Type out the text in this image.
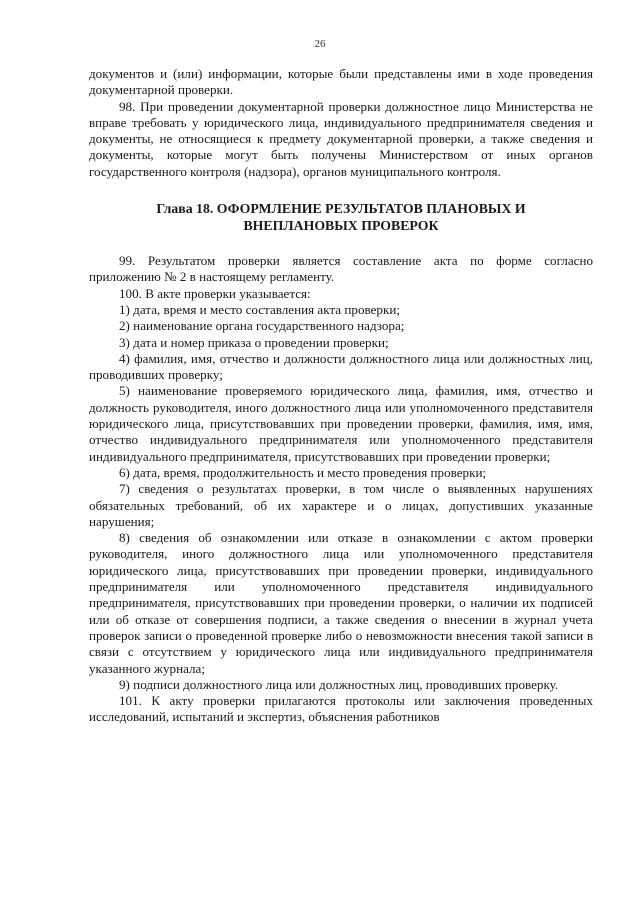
26

документов и (или) информации, которые были представлены ими в ходе проведения документарной проверки.

98. При проведении документарной проверки должностное лицо Министерства не вправе требовать у юридического лица, индивидуального предпринимателя сведения и документы, не относящиеся к предмету документарной проверки, а также сведения и документы, которые могут быть получены Министерством от иных органов государственного контроля (надзора), органов муниципального контроля.

Глава 18. ОФОРМЛЕНИЕ РЕЗУЛЬТАТОВ ПЛАНОВЫХ И
ВНЕПЛАНОВЫХ ПРОВЕРОК

99. Результатом проверки является составление акта по форме согласно приложению № 2 в настоящему регламенту.

100. В акте проверки указывается:

1) дата, время и место составления акта проверки;

2) наименование органа государственного надзора;

3) дата и номер приказа о проведении проверки;

4) фамилия, имя, отчество и должности должностного лица или должностных лиц, проводивших проверку;

5) наименование проверяемого юридического лица, фамилия, имя, отчество и должность руководителя, иного должностного лица или уполномоченного представителя юридического лица, присутствовавших при проведении проверки, фамилия, имя, имя, отчество индивидуального предпринимателя или уполномоченного представителя индивидуального предпринимателя, присутствовавших при проведении проверки;

6) дата, время, продолжительность и место проведения проверки;

7) сведения о результатах проверки, в том числе о выявленных нарушениях обязательных требований, об их характере и о лицах, допустивших указанные нарушения;

8) сведения об ознакомлении или отказе в ознакомлении с актом проверки руководителя, иного должностного лица или уполномоченного представителя юридического лица, присутствовавших при проведении проверки, индивидуального предпринимателя или уполномоченного представителя индивидуального предпринимателя, присутствовавших при проведении проверки, о наличии их подписей или об отказе от совершения подписи, а также сведения о внесении в журнал учета проверок записи о проведенной проверке либо о невозможности внесения такой записи в связи с отсутствием у юридического лица или индивидуального предпринимателя указанного журнала;

9) подписи должностного лица или должностных лиц, проводивших проверку.

101. К акту проверки прилагаются протоколы или заключения проведенных исследований, испытаний и экспертиз, объяснения работников
